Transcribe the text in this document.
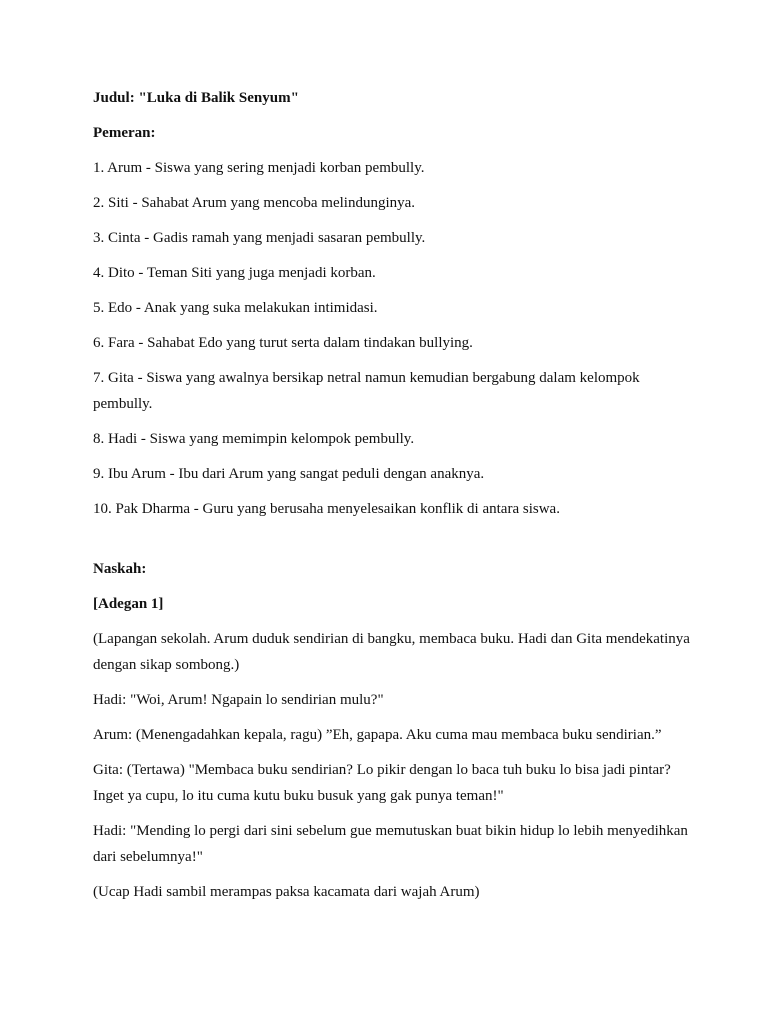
Judul: "Luka di Balik Senyum"

Pemeran:

1. Arum - Siswa yang sering menjadi korban pembully.

2. Siti - Sahabat Arum yang mencoba melindunginya.

3. Cinta - Gadis ramah yang menjadi sasaran pembully.

4. Dito - Teman Siti yang juga menjadi korban.

5. Edo - Anak yang suka melakukan intimidasi.

6. Fara - Sahabat Edo yang turut serta dalam tindakan bullying.

7. Gita - Siswa yang awalnya bersikap netral namun kemudian bergabung dalam kelompok pembully.

8. Hadi - Siswa yang memimpin kelompok pembully.

9. Ibu Arum - Ibu dari Arum yang sangat peduli dengan anaknya.

10. Pak Dharma - Guru yang berusaha menyelesaikan konflik di antara siswa.

Naskah:

[Adegan 1]

(Lapangan sekolah. Arum duduk sendirian di bangku, membaca buku. Hadi dan Gita mendekatinya dengan sikap sombong.)

Hadi: "Woi, Arum! Ngapain lo sendirian mulu?"

Arum: (Menengadahkan kepala, ragu) ”Eh, gapapa. Aku cuma mau membaca buku sendirian.”

Gita: (Tertawa) "Membaca buku sendirian? Lo pikir dengan lo baca tuh buku lo bisa jadi pintar? Inget ya cupu, lo itu cuma kutu buku busuk yang gak punya teman!"

Hadi: "Mending lo pergi dari sini sebelum gue memutuskan buat bikin hidup lo lebih menyedihkan dari sebelumnya!"

(Ucap Hadi sambil merampas paksa kacamata dari wajah Arum)
